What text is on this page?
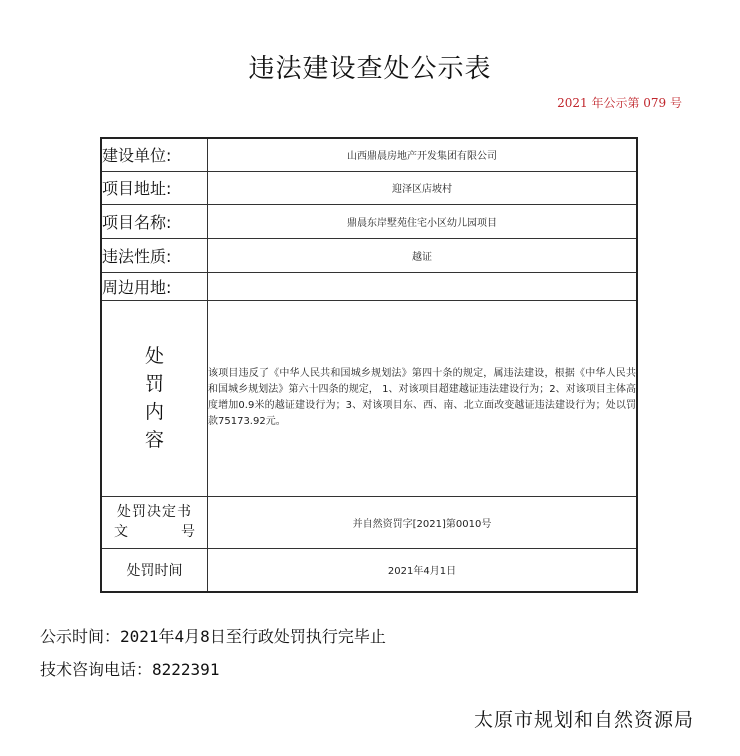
违法建设查处公示表
2021 年公示第 079 号
建设单位:	山西鼎晨房地产开发集团有限公司
项目地址:	迎泽区店坡村
项目名称:	鼎晨东岸墅苑住宅小区幼儿园项目
违法性质:	越证
周边用地:	

处
罚
内
容	该项目违反了《中华人民共和国城乡规划法》第四十条的规定，属违法建设，根据《中华人民共和国城乡规划法》第六十四条的规定， 1、对该项目超建越证违法建设行为；2、对该项目主体高度增加0.9米的越证建设行为；3、对该项目东、西、南、北立面改变越证违法建设行为；处以罚款75173.92元。

处罚决定书
文 号	并自然资罚字[2021]第0010号
处罚时间	2021年4月1日
公示时间：2021年4月8日至行政处罚执行完毕止
技术咨询电话：8222391
太原市规划和自然资源局
